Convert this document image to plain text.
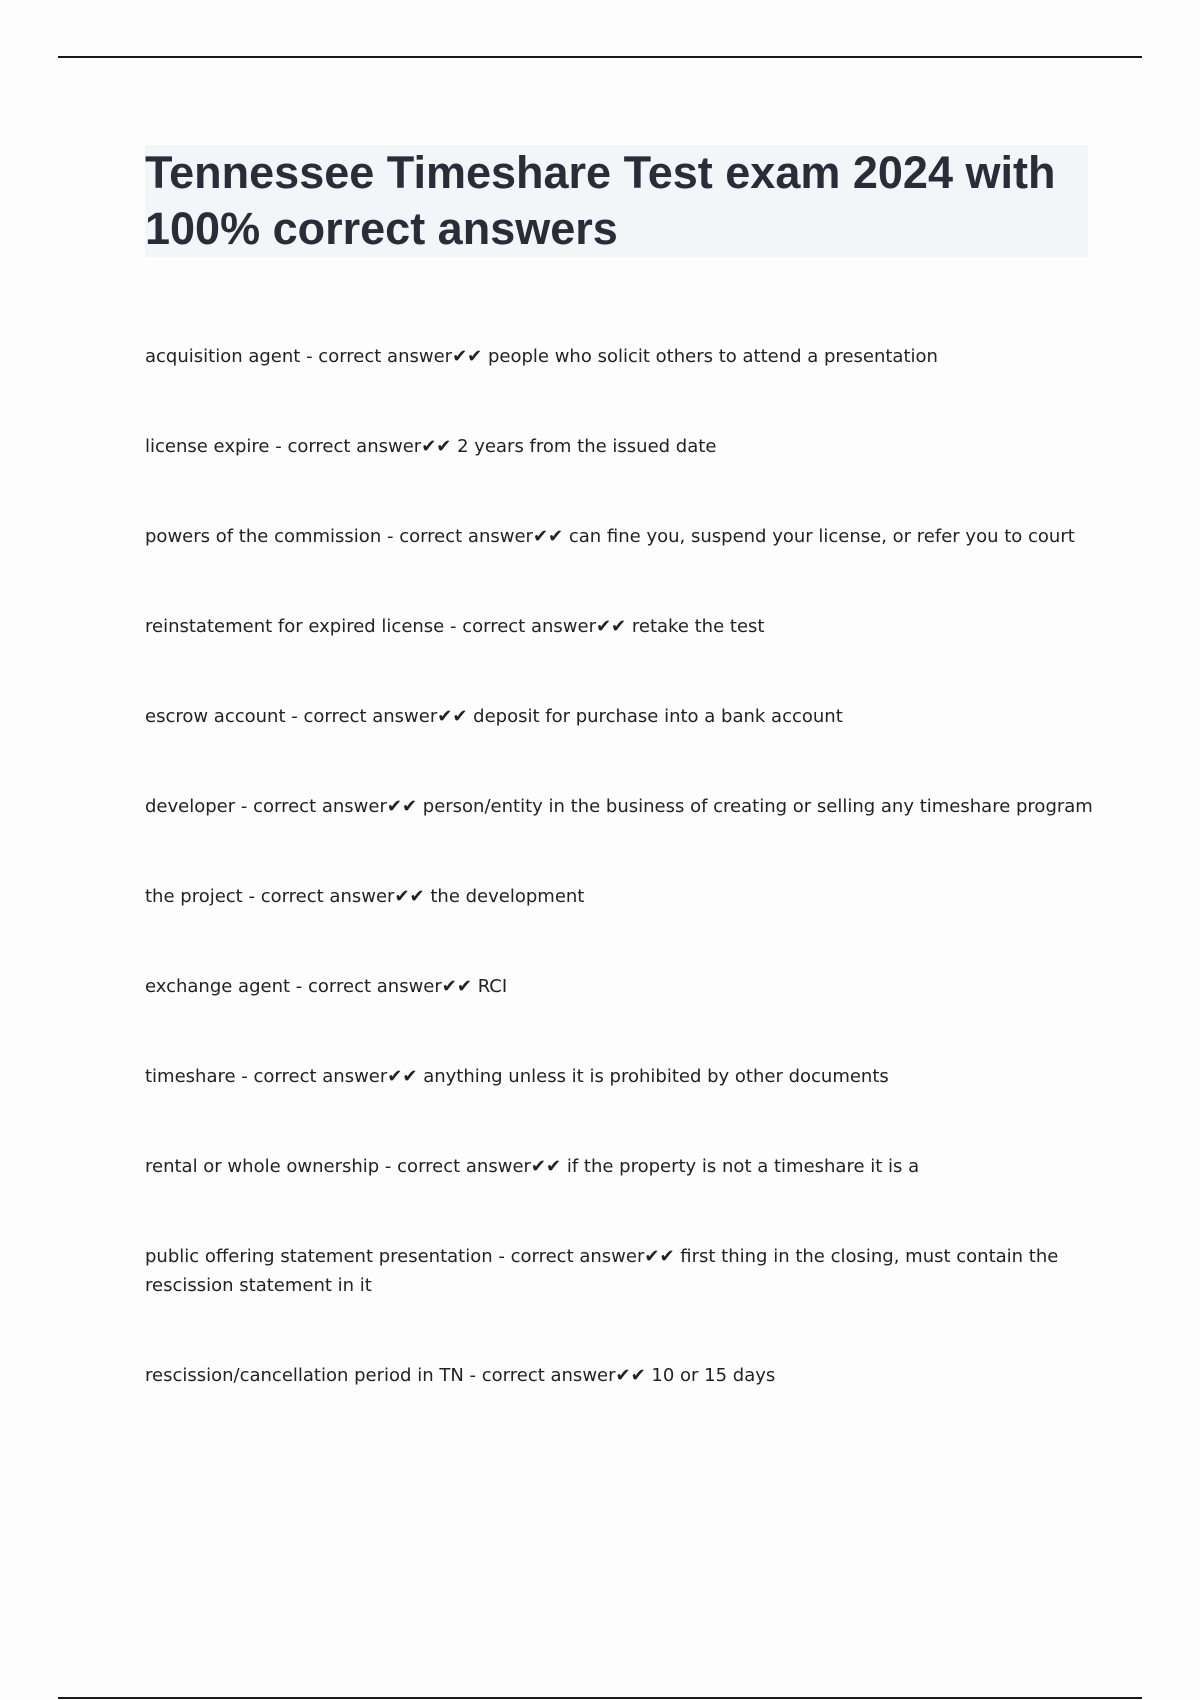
Tennessee Timeshare Test exam 2024 with 100% correct answers
acquisition agent - correct answer✔✔ people who solicit others to attend a presentation
license expire - correct answer✔✔ 2 years from the issued date
powers of the commission - correct answer✔✔ can fine you, suspend your license, or refer you to court
reinstatement for expired license - correct answer✔✔ retake the test
escrow account - correct answer✔✔ deposit for purchase into a bank account
developer - correct answer✔✔ person/entity in the business of creating or selling any timeshare program
the project - correct answer✔✔ the development
exchange agent - correct answer✔✔ RCI
timeshare - correct answer✔✔ anything unless it is prohibited by other documents
rental or whole ownership - correct answer✔✔ if the property is not a timeshare it is a
public offering statement presentation - correct answer✔✔ first thing in the closing, must contain the rescission statement in it
rescission/cancellation period in TN - correct answer✔✔ 10 or 15 days
